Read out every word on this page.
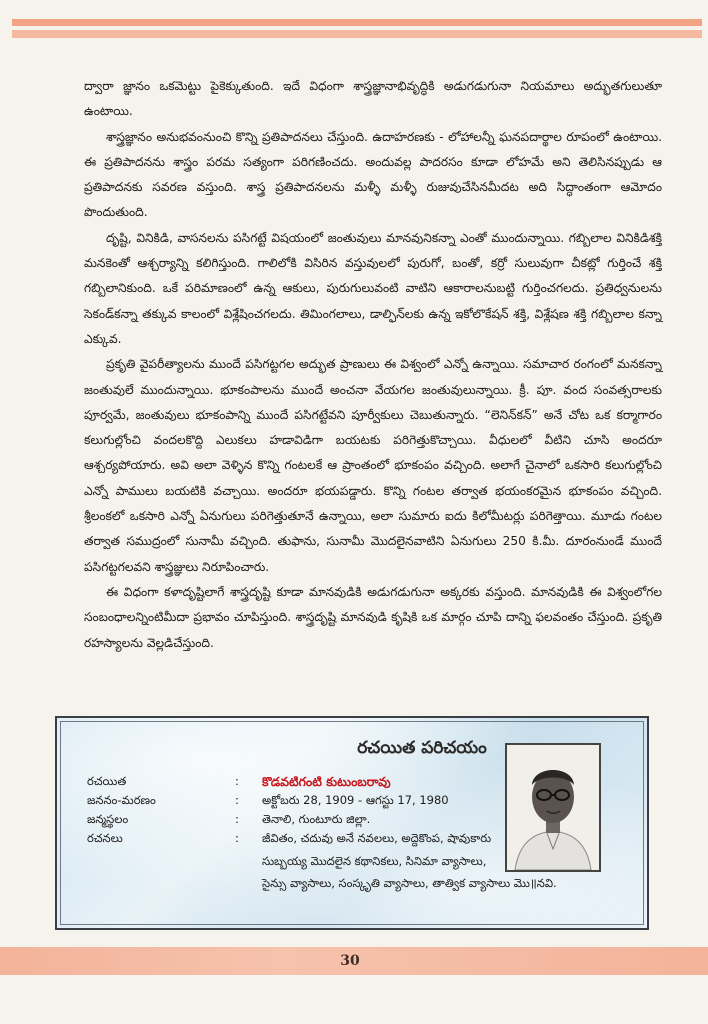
ద్వారా జ్ఞానం ఒకమెట్టు పైకెక్కుతుంది. ఇదే విధంగా శాస్త్రజ్ఞానాభివృద్ధికి అడుగడుగునా నియమాలు అద్భుతగులుతూ ఉంటాయి.

శాస్త్రజ్ఞానం అనుభవంనుంచి కొన్ని ప్రతిపాదనలు చేస్తుంది. ఉదాహరణకు - లోహాలన్నీ ఘనపదార్థాల రూపంలో ఉంటాయి. ఈ ప్రతిపాదనను శాస్త్రం పరమ సత్యంగా పరిగణించదు. అందువల్ల పాదరసం కూడా లోహమే అని తెలిసినప్పుడు ఆ ప్రతిపాదనకు సవరణ వస్తుంది. శాస్త్ర ప్రతిపాదనలను మళ్ళీ మళ్ళీ రుజువుచేసినమీదట అది సిద్ధాంతంగా ఆమోదం పొందుతుంది.

దృష్టి, వినికిడి, వాసనలను పసిగట్టే విషయంలో జంతువులు మానవునికన్నా ఎంతో ముందున్నాయి. గబ్బిలాల వినికిడిశక్తి మనకెంతో ఆశ్చర్యాన్ని కలిగిస్తుంది. గాలిలోకి విసిరిన వస్తువులలో పురుగో, బంతో, కర్రో సులువుగా చీకట్లో గుర్తించే శక్తి గబ్బిలానికుంది. ఒకే పరిమాణంలో ఉన్న ఆకులు, పురుగులువంటి వాటిని ఆకారాలనుబట్టి గుర్తించగలదు. ప్రతిధ్వనులను సెకండ్‌కన్నా తక్కువ కాలంలో విశ్లేషించగలదు. తిమింగలాలు, డాల్ఫిన్‌లకు ఉన్న ఇకోలొకేషన్ శక్తి, విశ్లేషణ శక్తి గబ్బిలాల కన్నా ఎక్కువ.

ప్రకృతి వైపరీత్యాలను ముందే పసిగట్టగల అద్భుత ప్రాణులు ఈ విశ్వంలో ఎన్నో ఉన్నాయి. సమాచార రంగంలో మనకన్నా జంతువులే ముందున్నాయి. భూకంపాలను ముందే అంచనా వేయగల జంతువులున్నాయి. క్రీ. పూ. వంద సంవత్సరాలకు పూర్వమే, జంతువులు భూకంపాన్ని ముందే పసిగట్టేవని పూర్వీకులు చెబుతున్నారు. “లెనిన్‌కన్” అనే చోట ఒక కర్మాగారం కలుగుల్లోంచి వందలకొద్ది ఎలుకలు హడావిడిగా బయటకు పరిగెత్తుకొచ్చాయి. వీధులలో వీటిని చూసి అందరూ ఆశ్చర్యపోయారు. అవి అలా వెళ్ళిన కొన్ని గంటలకే ఆ ప్రాంతంలో భూకంపం వచ్చింది. అలాగే చైనాలో ఒకసారి కలుగుల్లోంచి ఎన్నో పాములు బయటికి వచ్చాయి. అందరూ భయపడ్డారు. కొన్ని గంటల తర్వాత భయంకరమైన భూకంపం వచ్చింది. శ్రీలంకలో ఒకసారి ఎన్నో ఏనుగులు పరిగెత్తుతూనే ఉన్నాయి, అలా సుమారు ఐదు కిలోమీటర్లు పరిగెత్తాయి. మూడు గంటల తర్వాత సముద్రంలో సునామీ వచ్చింది. తుఫాను, సునామీ మొదలైనవాటిని ఏనుగులు 250 కి.మీ. దూరంనుండే ముందే పసిగట్టగలవని శాస్త్రజ్ఞులు నిరూపించారు.

ఈ విధంగా కళాదృష్టిలాగే శాస్త్రదృష్టి కూడా మానవుడికి అడుగడుగునా అక్కరకు వస్తుంది. మానవుడికి ఈ విశ్వంలోగల సంబంధాలన్నింటిమీదా ప్రభావం చూపిస్తుంది. శాస్త్రదృష్టి మానవుడి కృషికి ఒక మార్గం చూపి దాన్ని ఫలవంతం చేస్తుంది. ప్రకృతి రహస్యాలను వెల్లడిచేస్తుంది.

రచయిత పరిచయం
రచయిత	: కొడవటిగంటి కుటుంబరావు
జననం-మరణం	: అక్టోబరు 28, 1909 - ఆగస్టు 17, 1980
జన్మస్థలం	: తెనాలి, గుంటూరు జిల్లా.
రచనలు	: జీవితం, చదువు అనే నవలలు, అద్దెకొంప, షావుకారు
సుబ్బయ్య మొదలైన కథానికలు, సినిమా వ్యాసాలు,
సైన్సు వ్యాసాలు, సంస్కృతి వ్యాసాలు, తాత్విక వ్యాసాలు మొ॥నవి.
30
